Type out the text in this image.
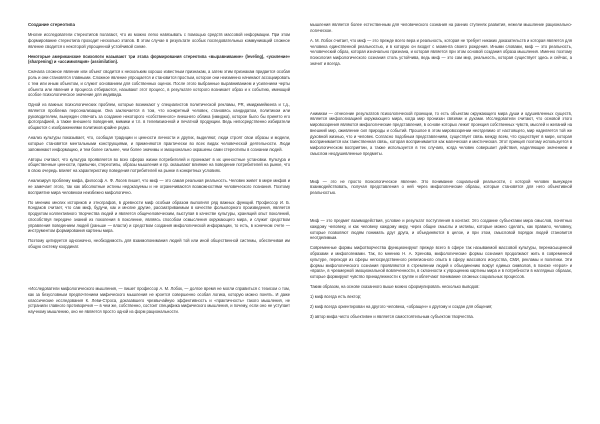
Создание стереотипа

Многие исследователи стереотипов полагают, что их можно легко навязывать с помощью средств массовой информации. При этом формирование стереотипа проходит несколько этапов. В этом случае в результате особых последовательных коммуникаций сложное явление сводится к некоторой упрощенной устойчивой схеме.

Некоторые американские психологи называют три этапа формирования стереотипа «выравнивание» (leveling), «усиление» (sharpening) и «ассимиляция» (assimilation).

Сначала сложное явление или объект сводится к нескольким хорошо известным признакам, а затем этим признакам придается особая роль и они становятся главными. Сложное явление упрощается и становится простым, которое они неизменно начинают ассоциировать с тем или иным объектом, и служит основанием для собственных оценок. После этого выбранные выравниванием и усилением черты объекта или явления и процесса отбираются, называют этот процесс, в результате которого возникает образ и к событию, имеющий особое психологическое значение для индивида.

Одной из важных психологических проблем, которые возникают у специалистов политической рекламы, PR, имиджмейкинга и т.д., является проблема персонализации. Она заключается в том, что конкретный человек, становясь кандидатом, политиком или руководителем, вынужден отвечать за создание некоторого «собственного» внешнего облика (имиджа), которое было бы принято его фотографией, а также внешнего поведения, мимики и т.п. в телевизионной и печатной продукции. Ведь непосредственно избиратели общаются с изображениями политиков крайне редко.

Анализ культуры показывает, что, сообщая традиции и ценности личности и других, выделяют, люди строят свои образы и модели, которые становятся ментальными конструкциями, и применяются практически во всех видах человеческой деятельности. Люди запоминают информацию, и тем более сильнее, чем более значимы и эмоционально окрашены сами стереотипы в сознании людей.

Авторы считают, что культура проявляется во всех сферах жизни потребителей и проникает в их ценностные установки. Культура и общественные ценности, привычки, стереотипы, образы мышления и пр. оказывают влияние на поведение потребителей на рынке, что в свою очередь влияет на характеристику поведения потребителей на рынке в конкретных условиях.

Анализируя проблему мифа, философ А. Ф. Лосев пишет, что миф — это самая реальная реальность. Человек живет в мире мифов и не замечает этого, так как абсолютные истины недоказуемы и не ограничиваются возможностями человеческого познания. Поэтому восприятие мира человеком неизбежно мифологично.

По мнению многих историков и этнографов, в древности миф особым образом выполнял ряд важных функций. Профессор И. Б. Кондаков считает, что сам миф, будучи, как и многие другие, рассматриваемым в качестве фольклорного произведения, является продуктом коллективного творчества людей и является общечеловеческим, выступая в качестве культуры, хранящей опыт поколений, способствуя передаче знаний из поколения в поколение, являясь способом осмысления окружающего мира, и служит средством управления поведением людей (раньше — власти) и средством создания мифологической информации, то есть, в конечном счете — инструментом формирования картины мира.

Поэтому цитируется однозначно, необходимость для взаимопонимания людей той или иной общественной системы, обеспечивая им общую систему координат.

«Исследователи мифологического мышления, — пишет профессор А. М. Лобок, — долгое время не могли справиться с тезисом о том, как за безусловным предпочтением мифического мышления не кроется совершенно особая логика, которую можно понять. И даже классические исследования К. Леви-Строса, доказавшего чрезвычайную эффективность и «практичность» такого мышления, не устранили главного противоречия — в чем же, собственно, состоит специфика мифического мышления, и почему, если оно не уступает научному мышлению, оно не является просто одной из форм рациональности.

мышления является более естественным для человеческого сознания на ранних ступенях развития, нежели мышление рационально-логическое.

А. М. Лобок считает, что миф — это прежде всего вера и реальность, которая не требует никаких доказательств и которая является для человека единственной реальностью, и в которую он входит с момента своего рождения. Иными словами, миф — это реальность, человеческий образ, которая изначально признана, и которая является при этом основой создания образа мышления. Именно поэтому психология мифологического сознания столь устойчива, ведь миф — это сам мир, реальность, которая существует здесь и сейчас, а значит и всегда.

Анимизм — отнесение результатов психологической проекции, то есть объектам окружающего мира души и одушевленных существ, является мифологизацией окружающего мира, когда мир пронизан связями и духами. Исследователи считают, что основой этого мировоззрения являются мифологические представления, в основе которых лежит проекция собственных чувств, мыслей и желаний на внешний мир, оживление сил природы и событий. Прошлое в этом мировоззрении неотделимо от настоящего, мир наделяется той же духовной жизнью, что и человек. Согласно подобным представлениям, существует связь между всем, что существует в мире, которая воспринимается как таинственная связь, которая воспринимается как магическая и мистическая. Этот принцип поэтому используется в мифологическом восприятии, а также используется в тех случаях, когда человек совершает действия, наделяющие значением и смыслом неодушевленные предметы.

Миф — это не просто психологическое явление. Это понимание социальной реальности, с которой человек вынужден взаимодействовать, получая представления о ней через мифологические образы, которые становятся для него объективной реальностью.

Миф — это предмет взаимодействия, условие и результат поступления в контакт. Это создание субъектами мира смыслов, понятных каждому человеку, и как человеку каждому миру, через общие смыслы и мотивы, которые можно сделать, как правило, человеку, которые позволяют людям понимать друг друга, и объединяются в целое, и при этом, смысловой порядок людей становится неотделимым.

Современные формы мифотворчества функционируют прежде всего в сфере так называемой массовой культуры, перенасыщенной образами и мифологемами. Так, по мнению Н. А. Хренова, мифологические формы сознания продолжают жить в современной культуре, переходя из сферы непосредственного религиозного опыта в сферу массового искусства, СМИ, рекламы и политики. Эти формы мифологического сознания проявляются в стремлении людей к объединению вокруг единых символов, в поиске «героя» и «врага», в чрезмерной эмоциональной вовлеченности, в склонности к упрощению картины мира и в потребности в наглядных образах, которые формируют чувство принадлежности к группе и облегчают понимание сложных социальных процессов.

Таким образом, на основе сказанного выше можно сформулировать несколько выводов:

1) миф всегда есть вектор;

2) миф всегда ориентирован на другого человека, «обращен» к другому и создан для общения;

3) автор мифа чисто объективен и является самостоятельным субъектом творчества.
